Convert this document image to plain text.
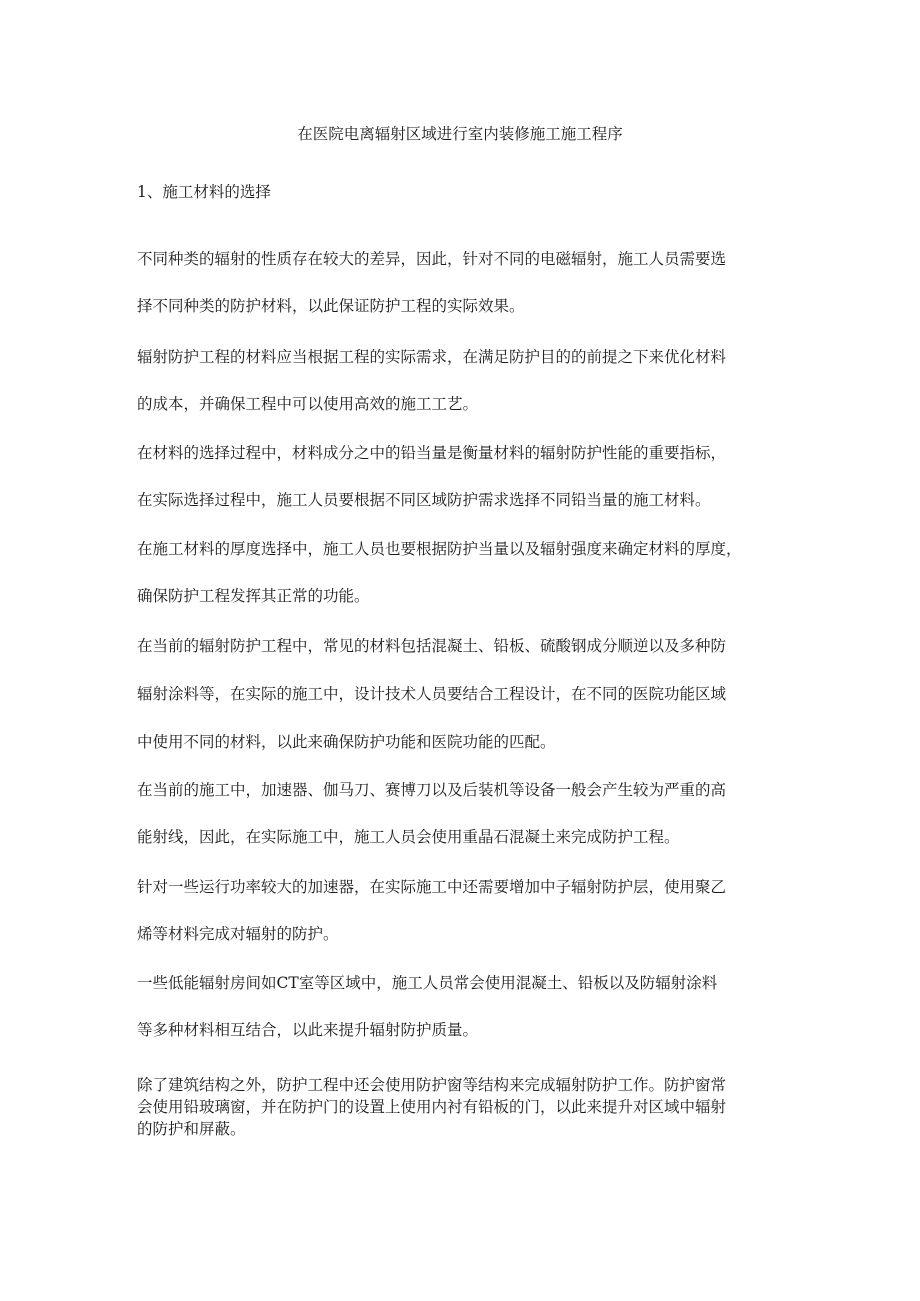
在医院电离辐射区域进行室内装修施工施工程序
1、施工材料的选择
不同种类的辐射的性质存在较大的差异，因此，针对不同的电磁辐射，施工人员需要选
择不同种类的防护材料，以此保证防护工程的实际效果。
辐射防护工程的材料应当根据工程的实际需求，在满足防护目的的前提之下来优化材料
的成本，并确保工程中可以使用高效的施工工艺。
在材料的选择过程中，材料成分之中的铅当量是衡量材料的辐射防护性能的重要指标，
在实际选择过程中，施工人员要根据不同区域防护需求选择不同铅当量的施工材料。
在施工材料的厚度选择中，施工人员也要根据防护当量以及辐射强度来确定材料的厚度，
确保防护工程发挥其正常的功能。
在当前的辐射防护工程中，常见的材料包括混凝土、铅板、硫酸钢成分顺逆以及多种防
辐射涂料等，在实际的施工中，设计技术人员要结合工程设计，在不同的医院功能区域
中使用不同的材料，以此来确保防护功能和医院功能的匹配。
在当前的施工中，加速器、伽马刀、赛博刀以及后装机等设备一般会产生较为严重的高
能射线，因此，在实际施工中，施工人员会使用重晶石混凝土来完成防护工程。
针对一些运行功率较大的加速器，在实际施工中还需要增加中子辐射防护层，使用聚乙
烯等材料完成对辐射的防护。
一些低能辐射房间如CT室等区域中，施工人员常会使用混凝土、铅板以及防辐射涂料
等多种材料相互结合，以此来提升辐射防护质量。
除了建筑结构之外，防护工程中还会使用防护窗等结构来完成辐射防护工作。防护窗常
会使用铅玻璃窗，并在防护门的设置上使用内衬有铅板的门，以此来提升对区域中辐射
的防护和屏蔽。
